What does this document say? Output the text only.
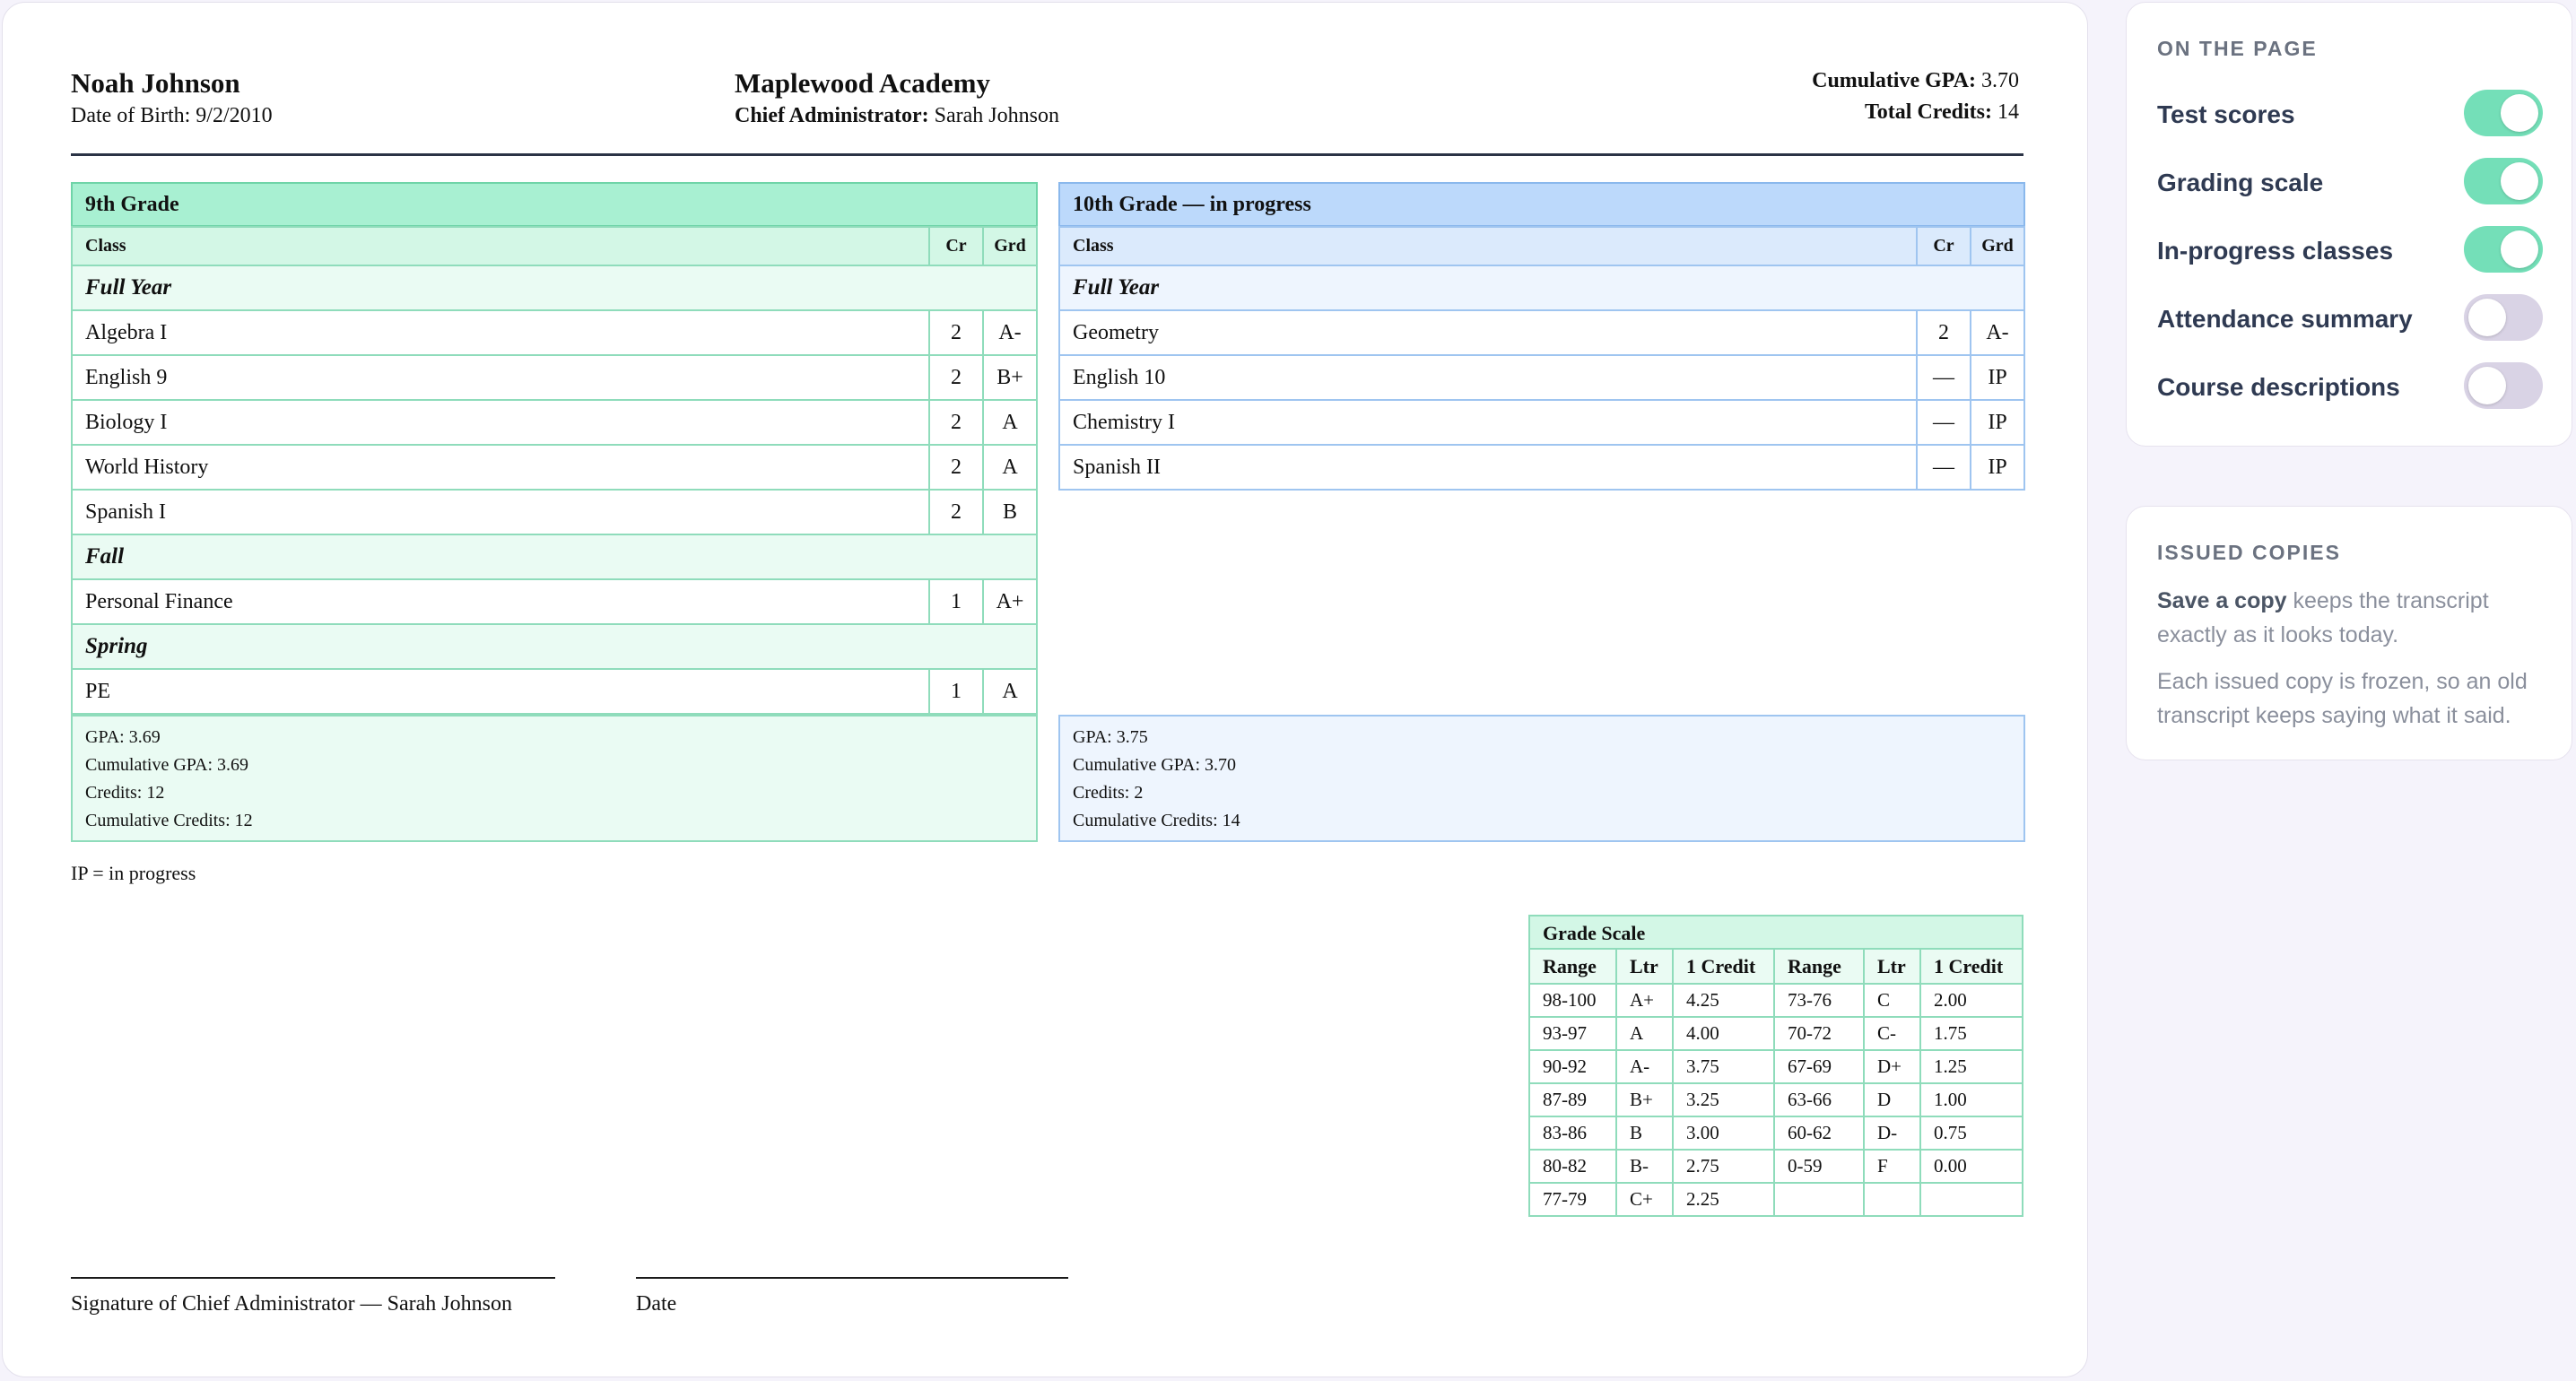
Noah Johnson
Date of Birth: 9/2/2010
Maplewood Academy
Chief Administrator: Sarah Johnson
Cumulative GPA: 3.70
Total Credits: 14
9th Grade
Class	Cr	Grd
Full Year		
Algebra I	2	A-
English 9	2	B+
Biology I	2	A
World History	2	A
Spanish I	2	B
Fall		
Personal Finance	1	A+
Spring		
PE	1	A
GPA: 3.69
Cumulative GPA: 3.69
Credits: 12
Cumulative Credits: 12
10th Grade — in progress
Class	Cr	Grd
Full Year		
Geometry	2	A-
English 10	—	IP
Chemistry I	—	IP
Spanish II	—	IP
GPA: 3.75
Cumulative GPA: 3.70
Credits: 2
Cumulative Credits: 14
IP = in progress
Grade Scale
Range	Ltr	1 Credit	Range	Ltr	1 Credit
98-100	A+	4.25	73-76	C	2.00
93-97	A	4.00	70-72	C-	1.75
90-92	A-	3.75	67-69	D+	1.25
87-89	B+	3.25	63-66	D	1.00
83-86	B	3.00	60-62	D-	0.75
80-82	B-	2.75	0-59	F	0.00
77-79	C+	2.25			
Signature of Chief Administrator — Sarah Johnson	Date
ON THE PAGE
Test scores
Grading scale
In-progress classes
Attendance summary
Course descriptions
ISSUED COPIES
Save a copy keeps the transcript exactly as it looks today.
Each issued copy is frozen, so an old transcript keeps saying what it said.
